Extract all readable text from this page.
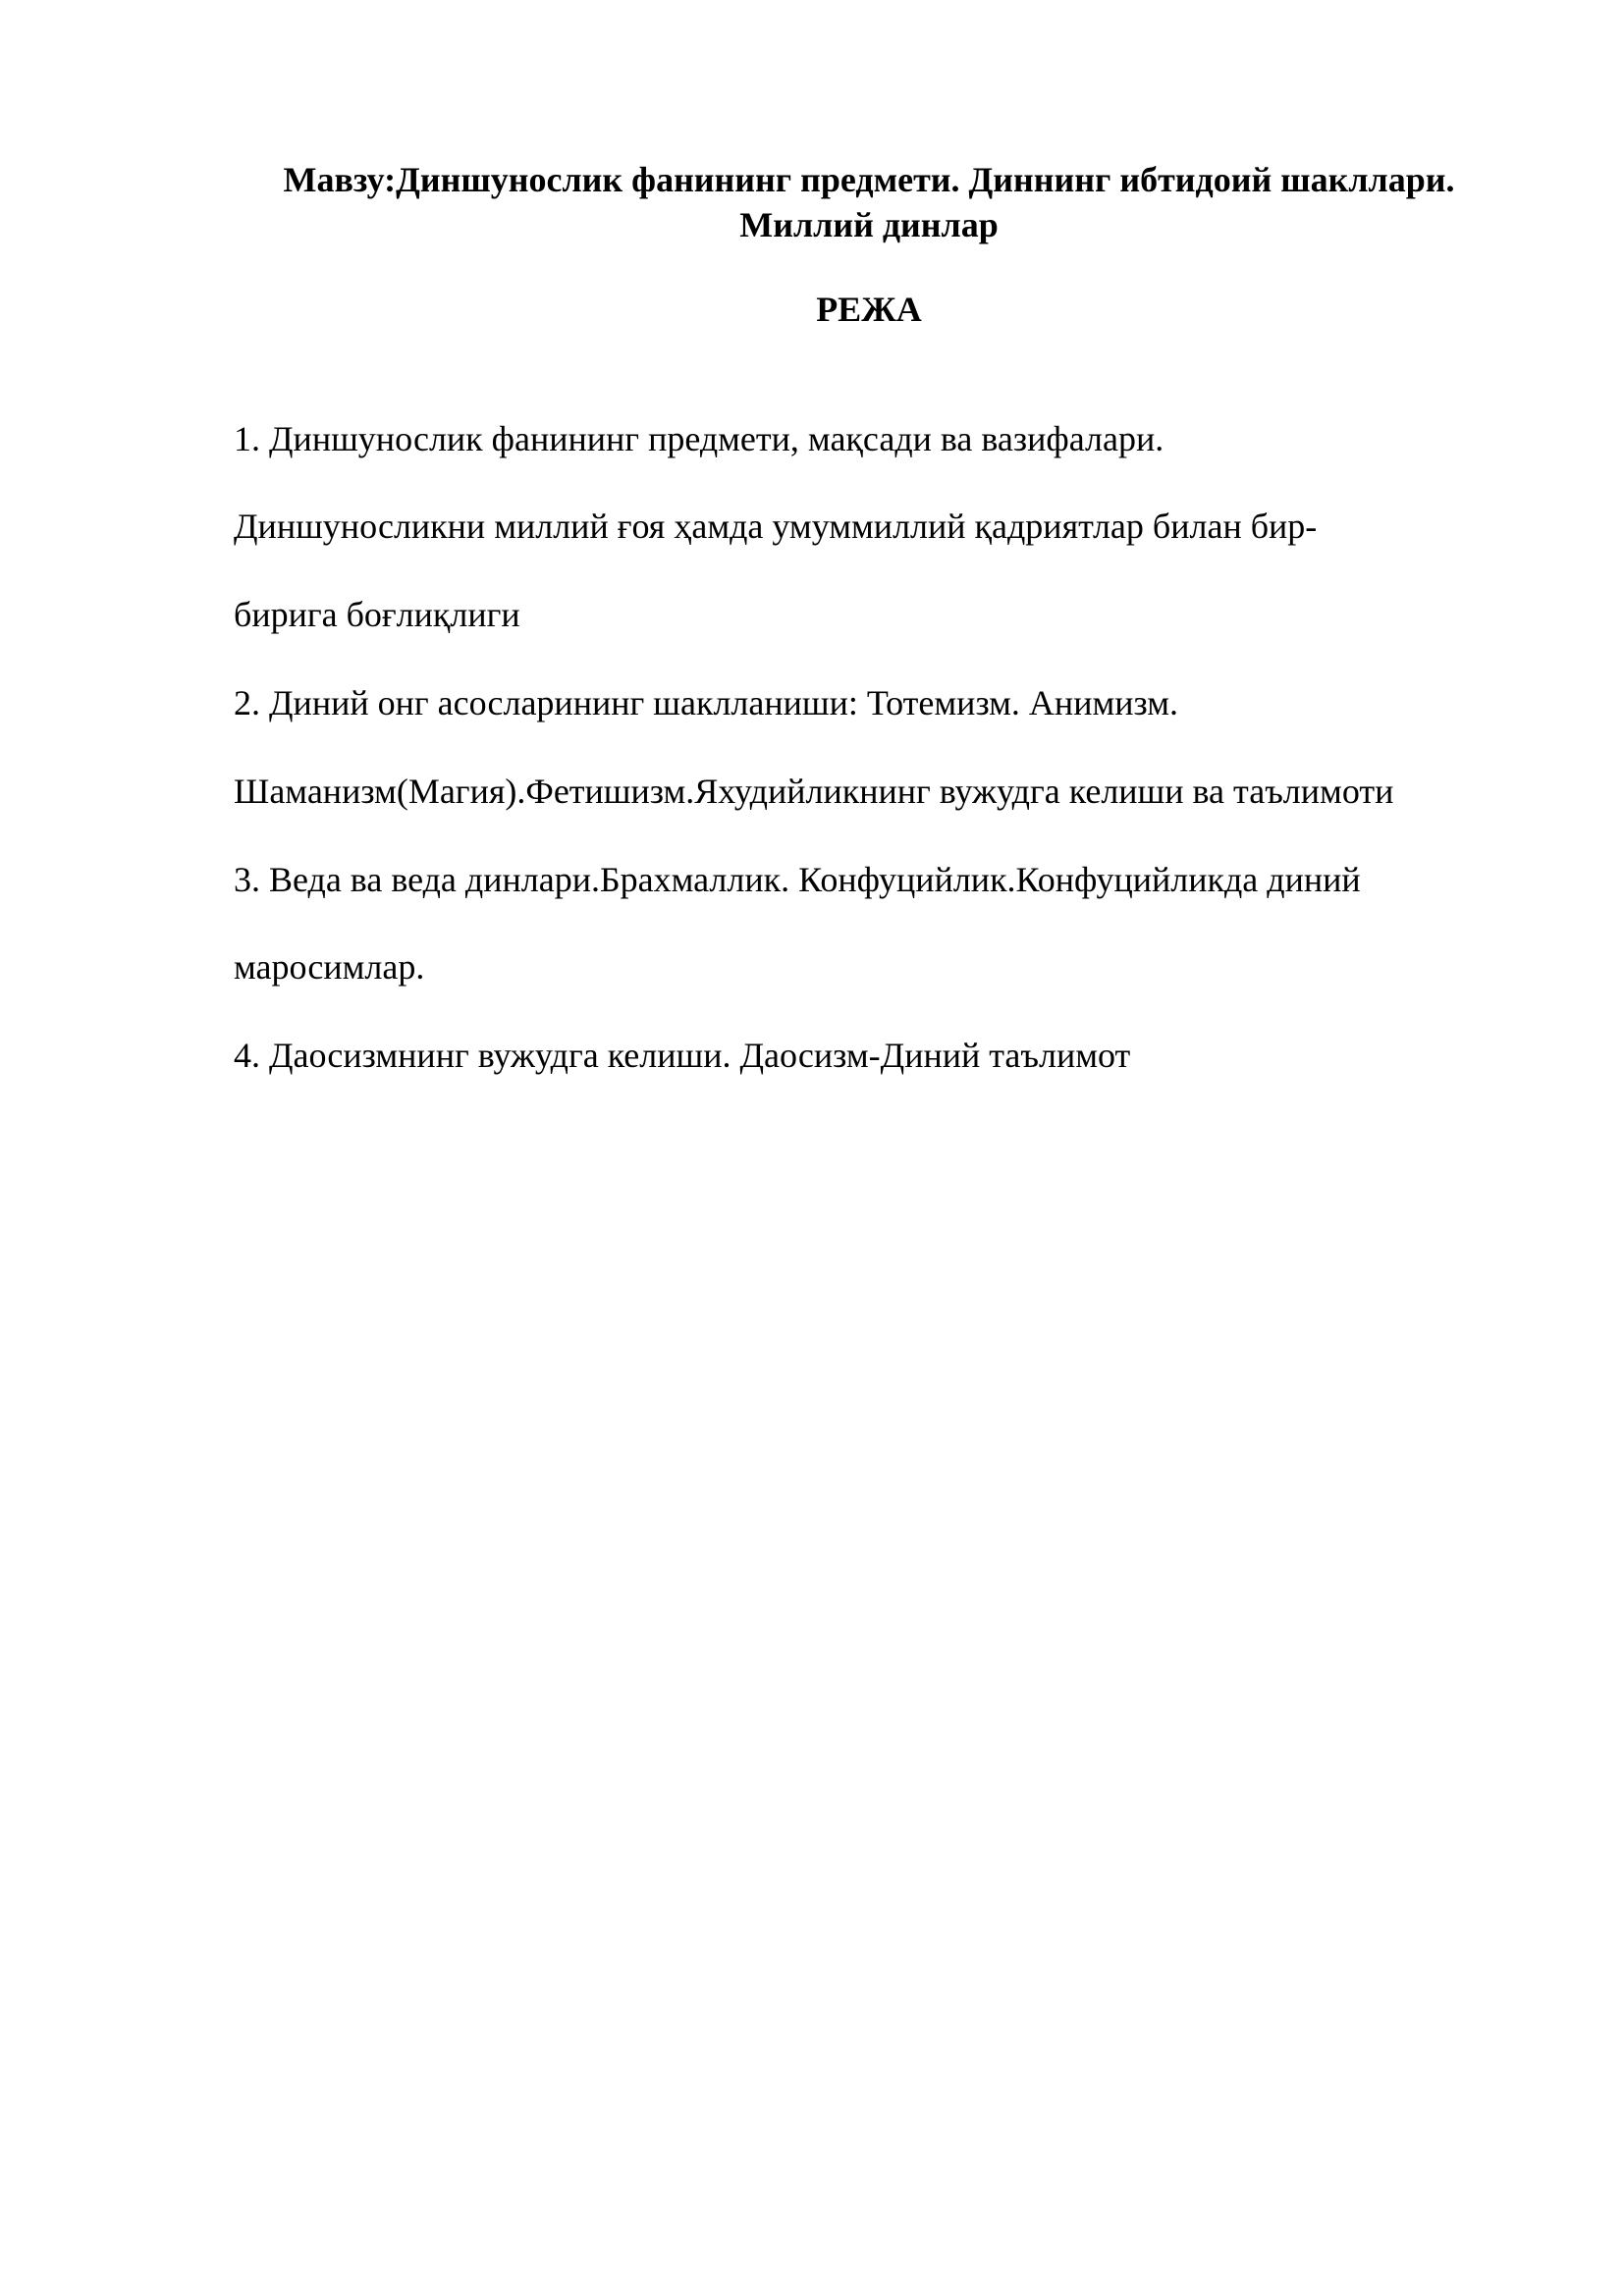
Мавзу:Диншунослик фанининг предмети. Диннинг ибтидоий шакллари.
Миллий динлар
РЕЖА
1. Диншунослик фанининг предмети, мақсади ва вазифалари.
Диншуносликни миллий ғоя ҳамда умуммиллий қадриятлар билан бир-
бирига боғлиқлиги
2. Диний онг асосларининг шаклланиши: Тотемизм. Анимизм.
Шаманизм(Магия).Фетишизм.Яхудийликнинг вужудга келиши ва таълимоти
3. Веда ва веда динлари.Брахмаллик. Конфуцийлик.Конфуцийликда диний
маросимлар.
4. Даосизмнинг вужудга келиши. Даосизм-Диний таълимот
